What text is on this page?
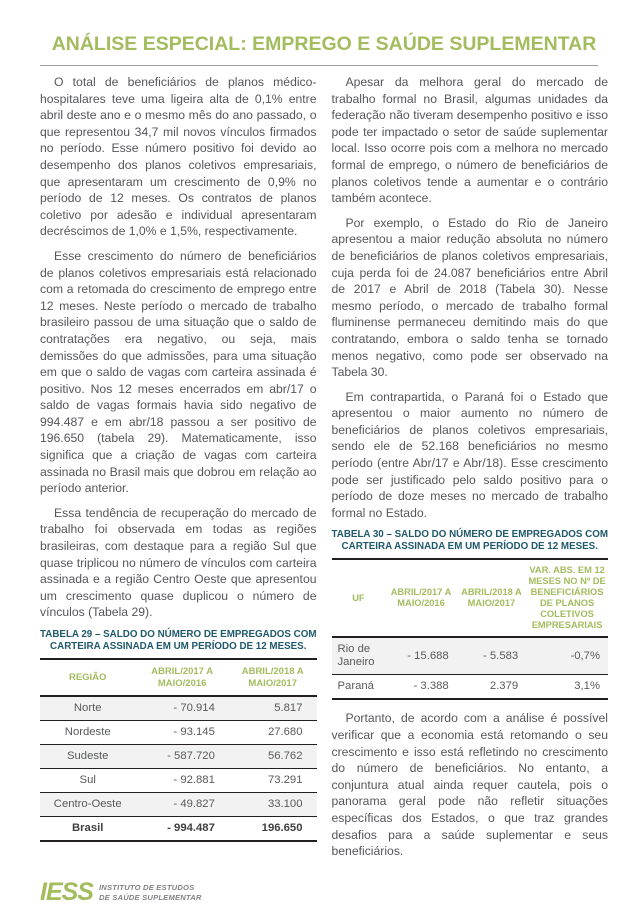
ANÁLISE ESPECIAL: EMPREGO E SAÚDE SUPLEMENTAR

O total de beneficiários de planos médico-hospitalares teve uma ligeira alta de 0,1% entre abril deste ano e o mesmo mês do ano passado, o que representou 34,7 mil novos vínculos firmados no período. Esse número positivo foi devido ao desempenho dos planos coletivos empresariais, que apresentaram um crescimento de 0,9% no período de 12 meses. Os contratos de planos coletivo por adesão e individual apresentaram decréscimos de 1,0% e 1,5%, respectivamente.

Esse crescimento do número de beneficiários de planos coletivos empresariais está relacionado com a retomada do crescimento de emprego entre 12 meses. Neste período o mercado de trabalho brasileiro passou de uma situação que o saldo de contratações era negativo, ou seja, mais demissões do que admissões, para uma situação em que o saldo de vagas com carteira assinada é positivo. Nos 12 meses encerrados em abr/17 o saldo de vagas formais havia sido negativo de 994.487 e em abr/18 passou a ser positivo de 196.650 (tabela 29). Matematicamente, isso significa que a criação de vagas com carteira assinada no Brasil mais que dobrou em relação ao período anterior.

Essa tendência de recuperação do mercado de trabalho foi observada em todas as regiões brasileiras, com destaque para a região Sul que quase triplicou no número de vínculos com carteira assinada e a região Centro Oeste que apresentou um crescimento quase duplicou o número de vínculos (Tabela 29).

TABELA 29 – SALDO DO NÚMERO DE EMPREGADOS COM CARTEIRA ASSINADA EM UM PERÍODO DE 12 MESES.
REGIÃO	ABRIL/2017 A MAIO/2016	ABRIL/2018 A MAIO/2017
Norte	- 70.914	5.817
Nordeste	- 93.145	27.680
Sudeste	- 587.720	56.762
Sul	- 92.881	73.291
Centro-Oeste	- 49.827	33.100
Brasil	- 994.487	196.650

Apesar da melhora geral do mercado de trabalho formal no Brasil, algumas unidades da federação não tiveram desempenho positivo e isso pode ter impactado o setor de saúde suplementar local. Isso ocorre pois com a melhora no mercado formal de emprego, o número de beneficiários de planos coletivos tende a aumentar e o contrário também acontece.

Por exemplo, o Estado do Rio de Janeiro apresentou a maior redução absoluta no número de beneficiários de planos coletivos empresariais, cuja perda foi de 24.087 beneficiários entre Abril de 2017 e Abril de 2018 (Tabela 30). Nesse mesmo período, o mercado de trabalho formal fluminense permaneceu demitindo mais do que contratando, embora o saldo tenha se tornado menos negativo, como pode ser observado na Tabela 30.

Em contrapartida, o Paraná foi o Estado que apresentou o maior aumento no número de beneficiários de planos coletivos empresariais, sendo ele de 52.168 beneficiários no mesmo período (entre Abr/17 e Abr/18). Esse crescimento pode ser justificado pelo saldo positivo para o período de doze meses no mercado de trabalho formal no Estado.

TABELA 30 – SALDO DO NÚMERO DE EMPREGADOS COM CARTEIRA ASSINADA EM UM PERÍODO DE 12 MESES.
UF	ABRIL/2017 A MAIO/2016	ABRIL/2018 A MAIO/2017	VAR. ABS. EM 12 MESES NO Nº DE BENEFICIÁRIOS DE PLANOS COLETIVOS EMPRESARIAIS
Rio de Janeiro	- 15.688	- 5.583	-0,7%
Paraná	- 3.388	2.379	3,1%

Portanto, de acordo com a análise é possível verificar que a economia está retomando o seu crescimento e isso está refletindo no crescimento do número de beneficiários. No entanto, a conjuntura atual ainda requer cautela, pois o panorama geral pode não refletir situações específicas dos Estados, o que traz grandes desafios para a saúde suplementar e seus beneficiários.

IESS INSTITUTO DE ESTUDOS
DE SAÚDE SUPLEMENTAR
